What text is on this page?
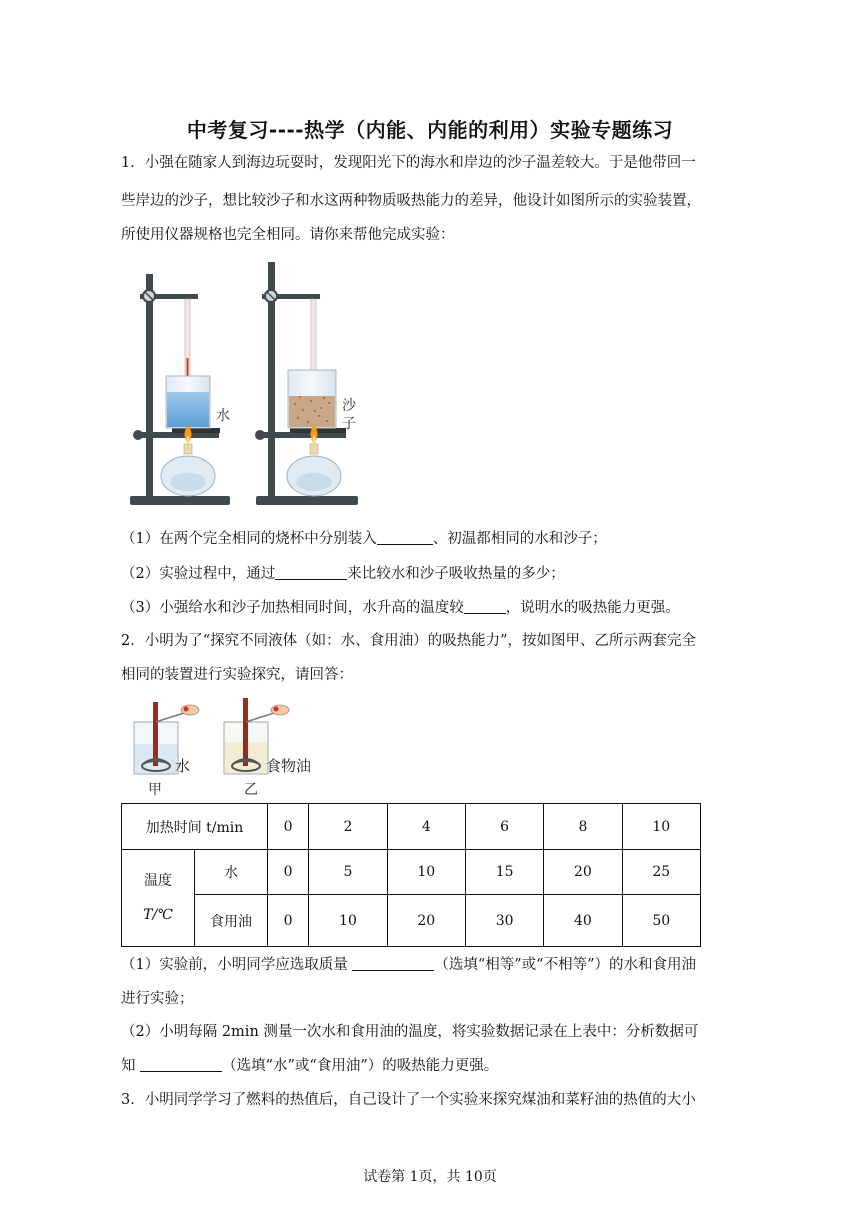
中考复习----热学（内能、内能的利用）实验专题练习
1．小强在随家人到海边玩耍时，发现阳光下的海水和岸边的沙子温差较大。于是他带回一
些岸边的沙子，想比较沙子和水这两种物质吸热能力的差异，他设计如图所示的实验装置，
所使用仪器规格也完全相同。请你来帮他完成实验：
水
沙
子
（1）在两个完全相同的烧杯中分别装入	、初温都相同的水和沙子；
（2）实验过程中，通过	来比较水和沙子吸收热量的多少；
（3）小强给水和沙子加热相同时间，水升高的温度较	，说明水的吸热能力更强。
2．小明为了“探究不同液体（如：水、食用油）的吸热能力”，按如图甲、乙所示两套完全
相同的装置进行实验探究，请回答：
水
甲
食物油
乙
加热时间 t/min		0	2	4	6	8	10

温度
T/℃	水	0	5	10	15	20	25
	食用油	0	10	20	30	40	50
（1）实验前，小明同学应选取质量	（选填“相等”或“不相等”）的水和食用油
进行实验；
（2）小明每隔 2min 测量一次水和食用油的温度，将实验数据记录在上表中：分析数据可
知	（选填“水”或“食用油”）的吸热能力更强。
3．小明同学学习了燃料的热值后，自己设计了一个实验来探究煤油和菜籽油的热值的大小
试卷第 1页，共 10页
